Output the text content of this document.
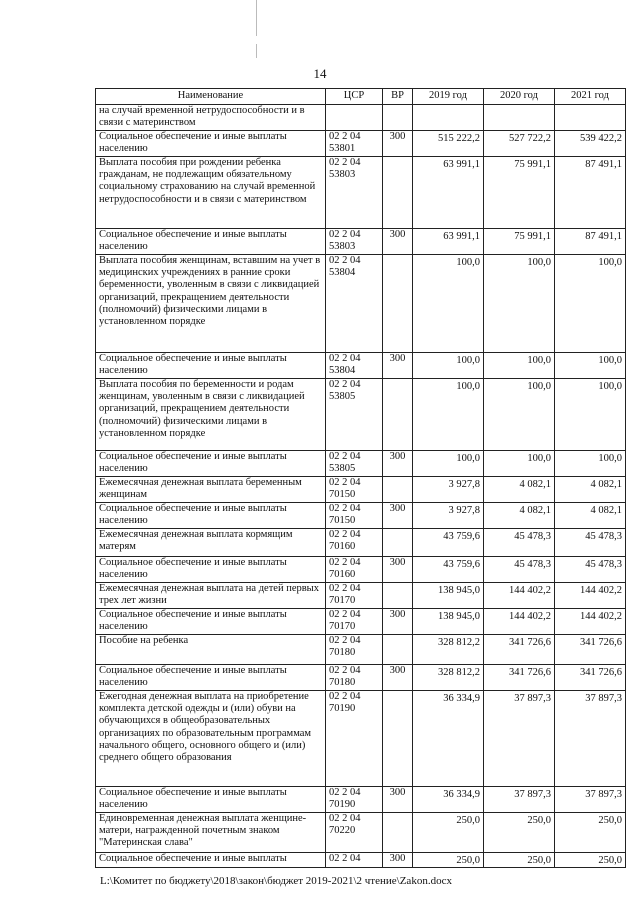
14
Наименование	ЦСР	ВР	2019 год	2020 год	2021 год
на случай временной нетрудоспособности и в связи с материнством					
Социальное обеспечение и иные выплаты населению	02 2 04 53801	300	515 222,2	527 722,2	539 422,2
Выплата пособия при рождении ребенка гражданам, не подлежащим обязательному социальному страхованию на случай временной нетрудоспособности и в связи с материнством	02 2 04 53803		63 991,1	75 991,1	87 491,1
Социальное обеспечение и иные выплаты населению	02 2 04 53803	300	63 991,1	75 991,1	87 491,1
Выплата пособия женщинам, вставшим на учет в медицинских учреждениях в ранние сроки беременности, уволенным в связи с ликвидацией организаций, прекращением деятельности (полномочий) физическими лицами в установленном порядке	02 2 04 53804		100,0	100,0	100,0
Социальное обеспечение и иные выплаты населению	02 2 04 53804	300	100,0	100,0	100,0
Выплата пособия по беременности и родам женщинам, уволенным в связи с ликвидацией организаций, прекращением деятельности (полномочий) физическими лицами в установленном порядке	02 2 04 53805		100,0	100,0	100,0
Социальное обеспечение и иные выплаты населению	02 2 04 53805	300	100,0	100,0	100,0
Ежемесячная денежная выплата беременным женщинам	02 2 04 70150		3 927,8	4 082,1	4 082,1
Социальное обеспечение и иные выплаты населению	02 2 04 70150	300	3 927,8	4 082,1	4 082,1
Ежемесячная денежная выплата кормящим матерям	02 2 04 70160		43 759,6	45 478,3	45 478,3
Социальное обеспечение и иные выплаты населению	02 2 04 70160	300	43 759,6	45 478,3	45 478,3
Ежемесячная денежная выплата на детей первых трех лет жизни	02 2 04 70170		138 945,0	144 402,2	144 402,2
Социальное обеспечение и иные выплаты населению	02 2 04 70170	300	138 945,0	144 402,2	144 402,2
Пособие на ребенка	02 2 04 70180		328 812,2	341 726,6	341 726,6
Социальное обеспечение и иные выплаты населению	02 2 04 70180	300	328 812,2	341 726,6	341 726,6
Ежегодная денежная выплата на приобретение комплекта детской одежды и (или) обуви на обучающихся в общеобразовательных организациях по образовательным программам начального общего, основного общего и (или) среднего общего образования	02 2 04 70190		36 334,9	37 897,3	37 897,3
Социальное обеспечение и иные выплаты населению	02 2 04 70190	300	36 334,9	37 897,3	37 897,3
Единовременная денежная выплата женщине-матери, награжденной почетным знаком "Материнская слава"	02 2 04 70220		250,0	250,0	250,0
Социальное обеспечение и иные выплаты	02 2 04	300	250,0	250,0	250,0
L:\Комитет по бюджету\2018\закон\бюджет 2019-2021\2 чтение\Zakon.docx
